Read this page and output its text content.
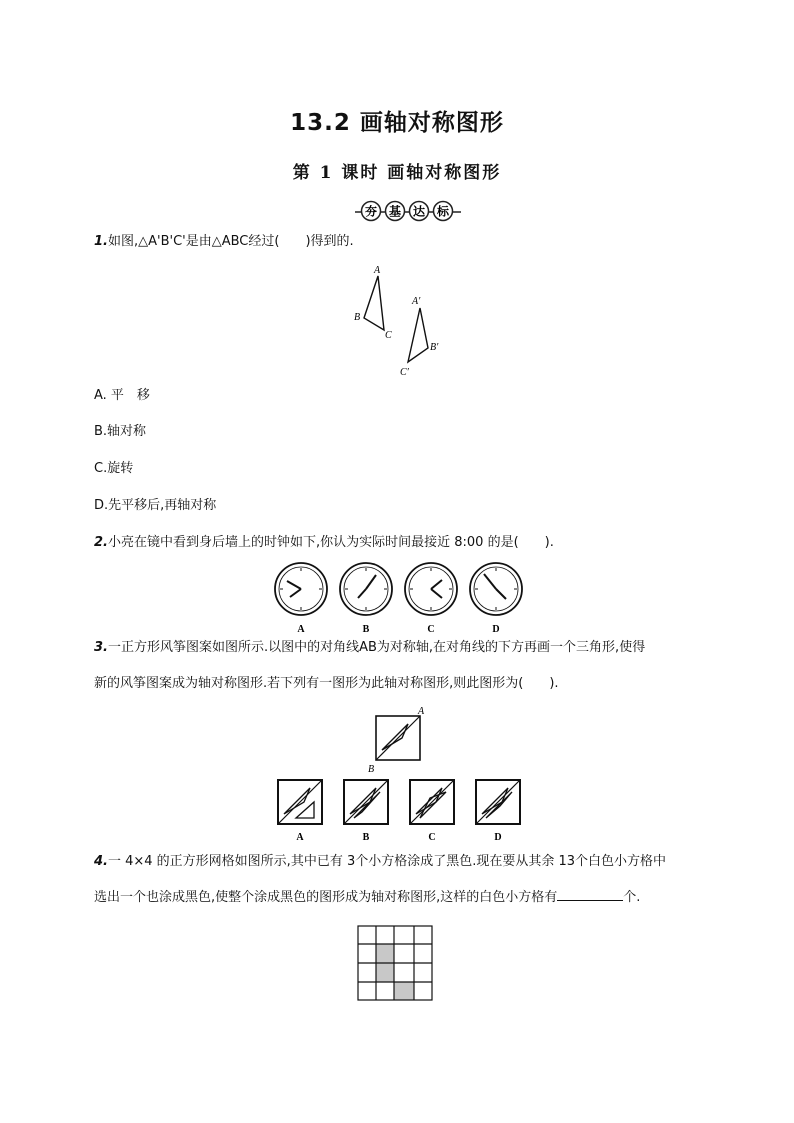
13.2 画轴对称图形
第 1 课时 画轴对称图形
夯 基 达 标
1.如图,△A'B'C'是由△ABC经过(　　)得到的.
A
B
C
A′
B′
C′
A. 平　移
B.轴对称
C.旋转
D.先平移后,再轴对称
2.小亮在镜中看到身后墙上的时钟如下,你认为实际时间最接近 8:00 的是(　　).
A	B	C	D
3.一正方形风筝图案如图所示.以图中的对角线AB为对称轴,在对角线的下方再画一个三角形,使得
新的风筝图案成为轴对称图形.若下列有一图形为此轴对称图形,则此图形为(　　).
A
B
A	B	C	D
4.一 4×4 的正方形网格如图所示,其中已有 3个小方格涂成了黑色.现在要从其余 13个白色小方格中
选出一个也涂成黑色,使整个涂成黑色的图形成为轴对称图形,这样的白色小方格有	个.
